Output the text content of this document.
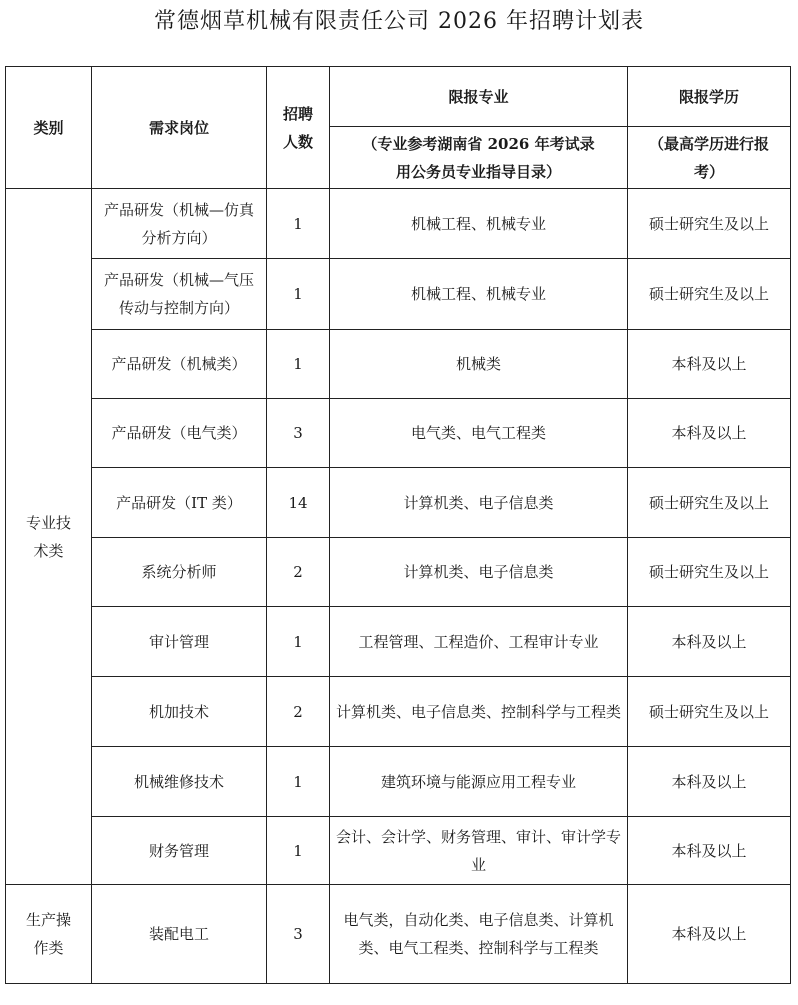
常德烟草机械有限责任公司 2026 年招聘计划表
类别	需求岗位	招聘人数	限报专业	限报学历
			（专业参考湖南省 2026 年考试录用公务员专业指导目录）	（最高学历进行报考）
专业技术类	产品研发（机械—仿真分析方向）	1	机械工程、机械专业	硕士研究生及以上
	产品研发（机械—气压传动与控制方向）	1	机械工程、机械专业	硕士研究生及以上
	产品研发（机械类）	1	机械类	本科及以上
	产品研发（电气类）	3	电气类、电气工程类	本科及以上
	产品研发（IT 类）	14	计算机类、电子信息类	硕士研究生及以上
	系统分析师	2	计算机类、电子信息类	硕士研究生及以上
	审计管理	1	工程管理、工程造价、工程审计专业	本科及以上
	机加技术	2	计算机类、电子信息类、控制科学与工程类	硕士研究生及以上
	机械维修技术	1	建筑环境与能源应用工程专业	本科及以上
	财务管理	1	会计、会计学、财务管理、审计、审计学专业	本科及以上
生产操作类	装配电工	3	电气类，自动化类、电子信息类、计算机类、电气工程类、控制科学与工程类	本科及以上
